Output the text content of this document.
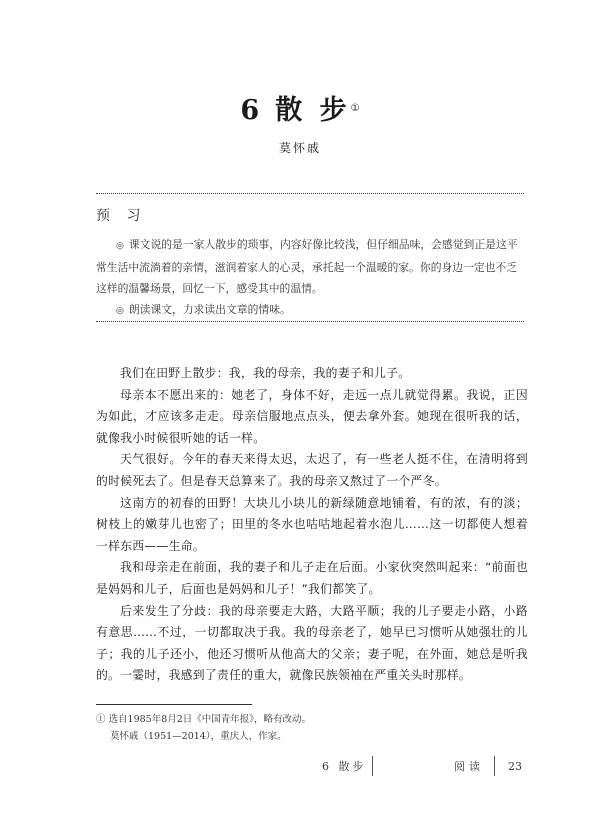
6 散 步①
莫怀戚
预 习

◎ 课文说的是一家人散步的琐事，内容好像比较浅，但仔细品味，会感觉到正是这平常生活中流淌着的亲情，滋润着家人的心灵，承托起一个温暖的家。你的身边一定也不乏这样的温馨场景，回忆一下，感受其中的温情。

◎ 朗读课文，力求读出文章的情味。

我们在田野上散步：我，我的母亲，我的妻子和儿子。

母亲本不愿出来的：她老了，身体不好，走远一点儿就觉得累。我说，正因为如此，才应该多走走。母亲信服地点点头，便去拿外套。她现在很听我的话，就像我小时候很听她的话一样。

天气很好。今年的春天来得太迟，太迟了，有一些老人挺不住，在清明将到的时候死去了。但是春天总算来了。我的母亲又熬过了一个严冬。

这南方的初春的田野！大块儿小块儿的新绿随意地铺着，有的浓，有的淡；树枝上的嫩芽儿也密了；田里的冬水也咕咕地起着水泡儿……这一切都使人想着一样东西——生命。

我和母亲走在前面，我的妻子和儿子走在后面。小家伙突然叫起来：“前面也是妈妈和儿子，后面也是妈妈和儿子！”我们都笑了。

后来发生了分歧：我的母亲要走大路，大路平顺；我的儿子要走小路，小路有意思……不过，一切都取决于我。我的母亲老了，她早已习惯听从她强壮的儿子；我的儿子还小，他还习惯听从他高大的父亲；妻子呢，在外面，她总是听我的。一霎时，我感到了责任的重大，就像民族领袖在严重关头时那样。

① 选自1985年8月2日《中国青年报》，略有改动。

莫怀戚（1951—2014），重庆人，作家。

6 散步	阅读 23
